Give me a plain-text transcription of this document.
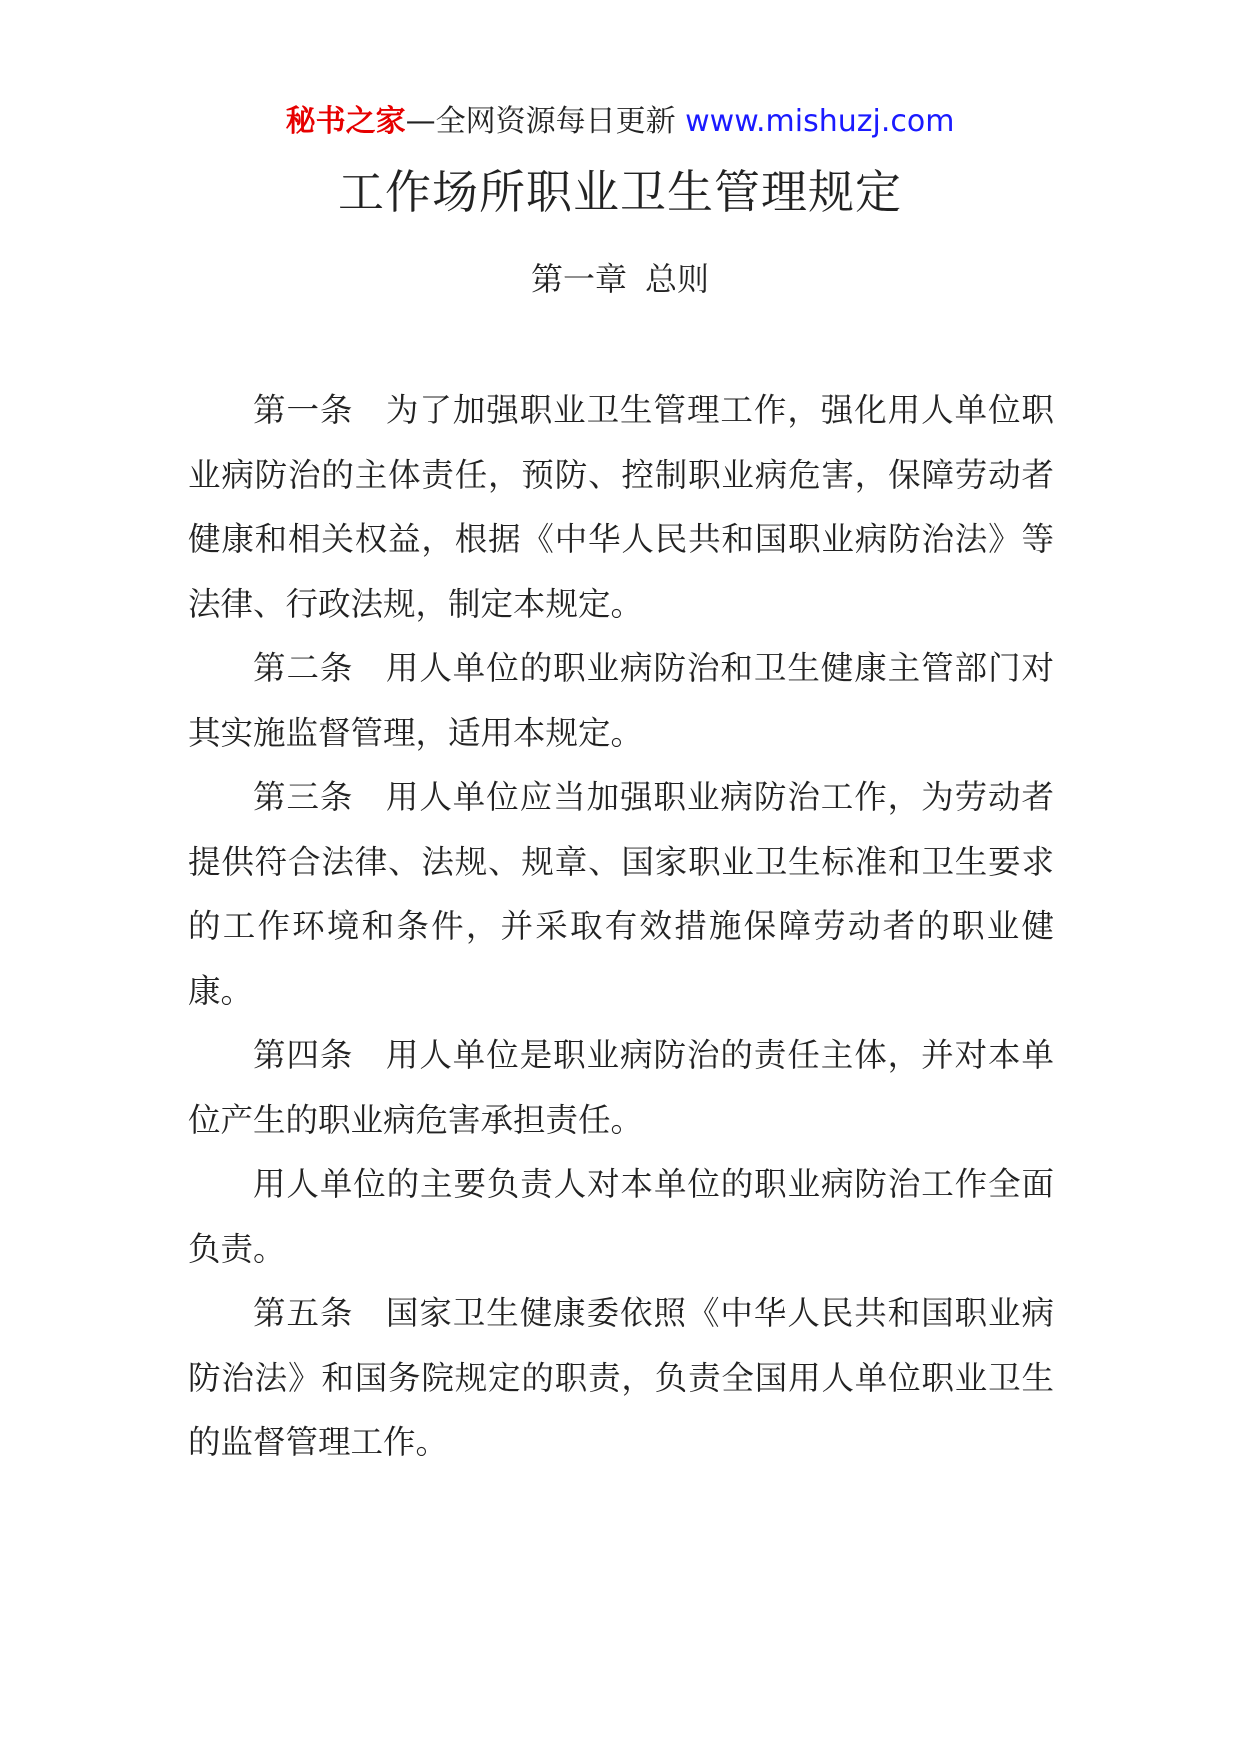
秘书之家—全网资源每日更新 www.mishuzj.com
工作场所职业卫生管理规定
第一章 总则

第一条 为了加强职业卫生管理工作，强化用人单位职业病防治的主体责任，预防、控制职业病危害，保障劳动者健康和相关权益，根据《中华人民共和国职业病防治法》等法律、行政法规，制定本规定。

第二条 用人单位的职业病防治和卫生健康主管部门对其实施监督管理，适用本规定。

第三条 用人单位应当加强职业病防治工作，为劳动者提供符合法律、法规、规章、国家职业卫生标准和卫生要求的工作环境和条件，并采取有效措施保障劳动者的职业健康。

第四条 用人单位是职业病防治的责任主体，并对本单位产生的职业病危害承担责任。

用人单位的主要负责人对本单位的职业病防治工作全面负责。

第五条 国家卫生健康委依照《中华人民共和国职业病防治法》和国务院规定的职责，负责全国用人单位职业卫生的监督管理工作。
